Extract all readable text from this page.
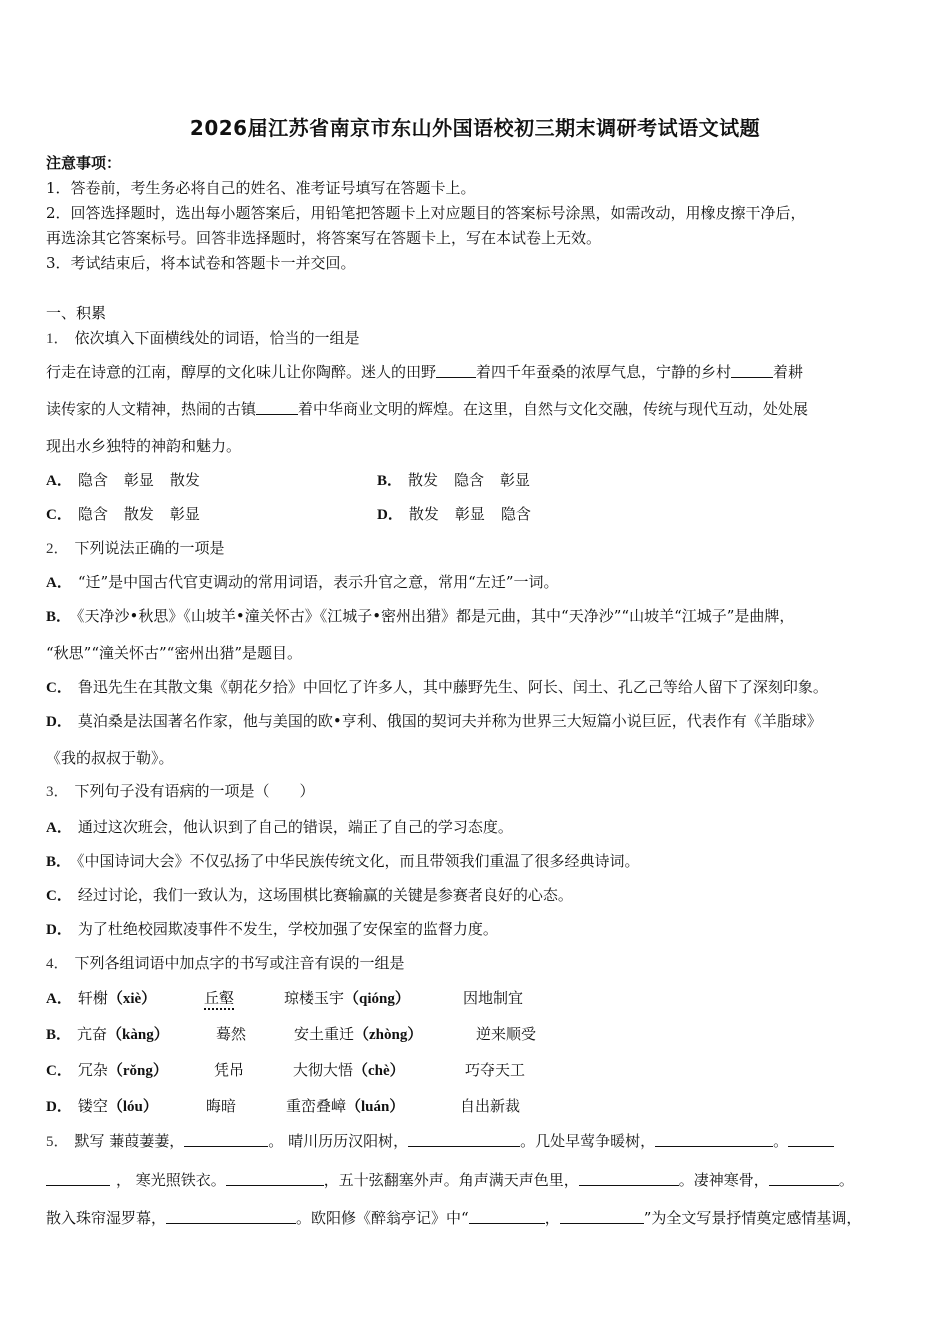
2026届江苏省南京市东山外国语校初三期末调研考试语文试题
注意事项：
1．答卷前，考生务必将自己的姓名、准考证号填写在答题卡上。
2．回答选择题时，选出每小题答案后，用铅笔把答题卡上对应题目的答案标号涂黑，如需改动，用橡皮擦干净后，
再选涂其它答案标号。回答非选择题时，将答案写在答题卡上，写在本试卷上无效。
3．考试结束后，将本试卷和答题卡一并交回。
一、积累
1． 依次填入下面横线处的词语，恰当的一组是
行走在诗意的江南，醇厚的文化味儿让你陶醉。迷人的田野	着四千年蚕桑的浓厚气息，宁静的乡村	着耕
读传家的人文精神，热闹的古镇	着中华商业文明的辉煌。在这里，自然与文化交融，传统与现代互动，处处展
现出水乡独特的神韵和魅力。
A． 隐含 彰显 散发	B． 散发 隐含 彰显
C． 隐含 散发 彰显	D． 散发 彰显 隐含
2． 下列说法正确的一项是
A． “迁”是中国古代官吏调动的常用词语，表示升官之意，常用“左迁”一词。
B． 《天净沙•秋思》《山坡羊•潼关怀古》《江城子•密州出猎》都是元曲，其中“天净沙”“山坡羊“江城子”是曲牌，
“秋思”“潼关怀古”“密州出猎”是题目。
C． 鲁迅先生在其散文集《朝花夕拾》中回忆了许多人，其中藤野先生、阿长、闰土、孔乙己等给人留下了深刻印象。
D． 莫泊桑是法国著名作家，他与美国的欧•亨利、俄国的契诃夫并称为世界三大短篇小说巨匠，代表作有《羊脂球》
《我的叔叔于勒》。
3． 下列句子没有语病的一项是（　　）
A． 通过这次班会，他认识到了自己的错误，端正了自己的学习态度。
B． 《中国诗词大会》不仅弘扬了中华民族传统文化，而且带领我们重温了很多经典诗词。
C． 经过讨论，我们一致认为，这场围棋比赛输赢的关键是参赛者良好的心态。
D． 为了杜绝校园欺凌事件不发生，学校加强了安保室的监督力度。
4． 下列各组词语中加点字的书写或注音有误的一组是
A． 轩榭（xiè）	丘壑	琼楼玉宇（qióng）	因地制宜
B． 亢奋（kàng）	蓦然	安土重迁（zhòng）	逆来顺受
C． 冗杂（rǒng）	凭吊	大彻大悟（chè）	巧夺天工
D． 镂空（lóu）	晦暗	重峦叠嶂（luán）	自出新裁
5． 默写 蒹葭萋萋，	。 晴川历历汉阳树，	。几处早莺争暖树，	。
， 寒光照铁衣。	，五十弦翻塞外声。角声满天声色里，	。凄神寒骨，	。
散入珠帘湿罗幕，	。欧阳修《醉翁亭记》中“	，	”为全文写景抒情奠定感情基调，
